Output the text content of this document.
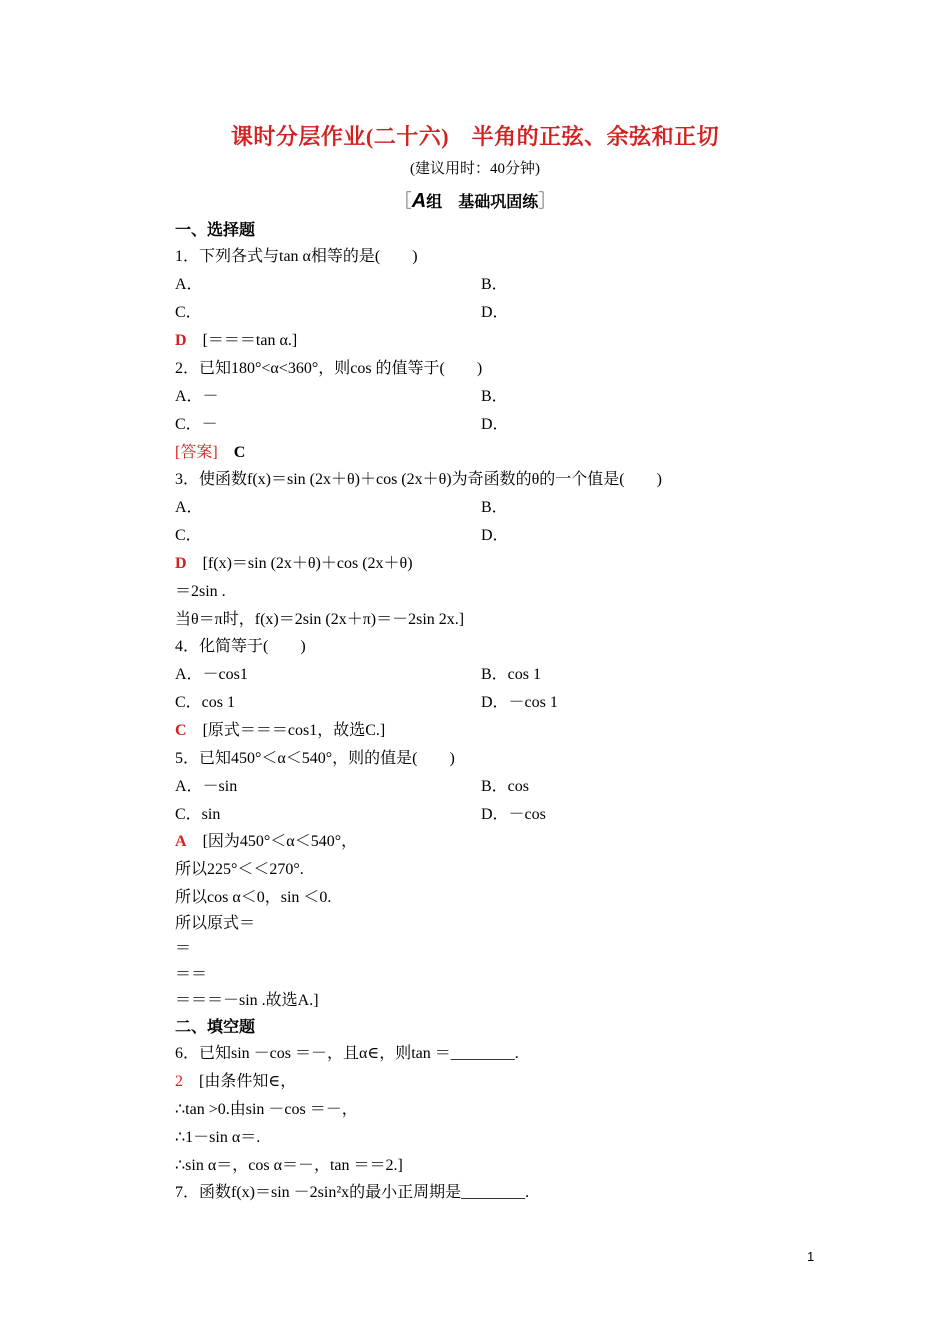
课时分层作业(二十六)　半角的正弦、余弦和正切
(建议用时：40分钟)
［A组　基础巩固练］
一、选择题
1．下列各式与tan α相等的是(　　)
A．	B．
C．	D．
D　 [＝＝＝tan α.]
2．已知180°<α<360°，则cos 的值等于(　　)
A．－	B．
C．－	D．
[答案]　 C
3．使函数f(x)＝sin (2x＋θ)＋cos (2x＋θ)为奇函数的θ的一个值是(　　)
A．	B．
C．	D．
D　 [f(x)＝sin (2x＋θ)＋cos (2x＋θ)
＝2sin .
当θ＝π时，f(x)＝2sin (2x＋π)＝－2sin 2x.]
4．化简等于(　　)
A．－cos1	B．cos 1
C．cos 1	D．－cos 1
C　 [原式＝＝＝cos1，故选C.]
5．已知450°＜α＜540°，则的值是(　　)
A．－sin	B．cos
C．sin	D．－cos
A　 [因为450°＜α＜540°，
所以225°＜＜270°.
所以cos α＜0，sin ＜0.
所以原式＝
＝
＝＝
＝＝＝－sin .故选A.]
二、填空题
6．已知sin －cos ＝－，且α∈，则tan ＝________.
2　 [由条件知∈，
∴tan >0.由sin －cos ＝－，
∴1－sin α＝.
∴sin α＝，cos α＝－，tan ＝＝2.]
7．函数f(x)＝sin －2sin²x的最小正周期是________.
1
